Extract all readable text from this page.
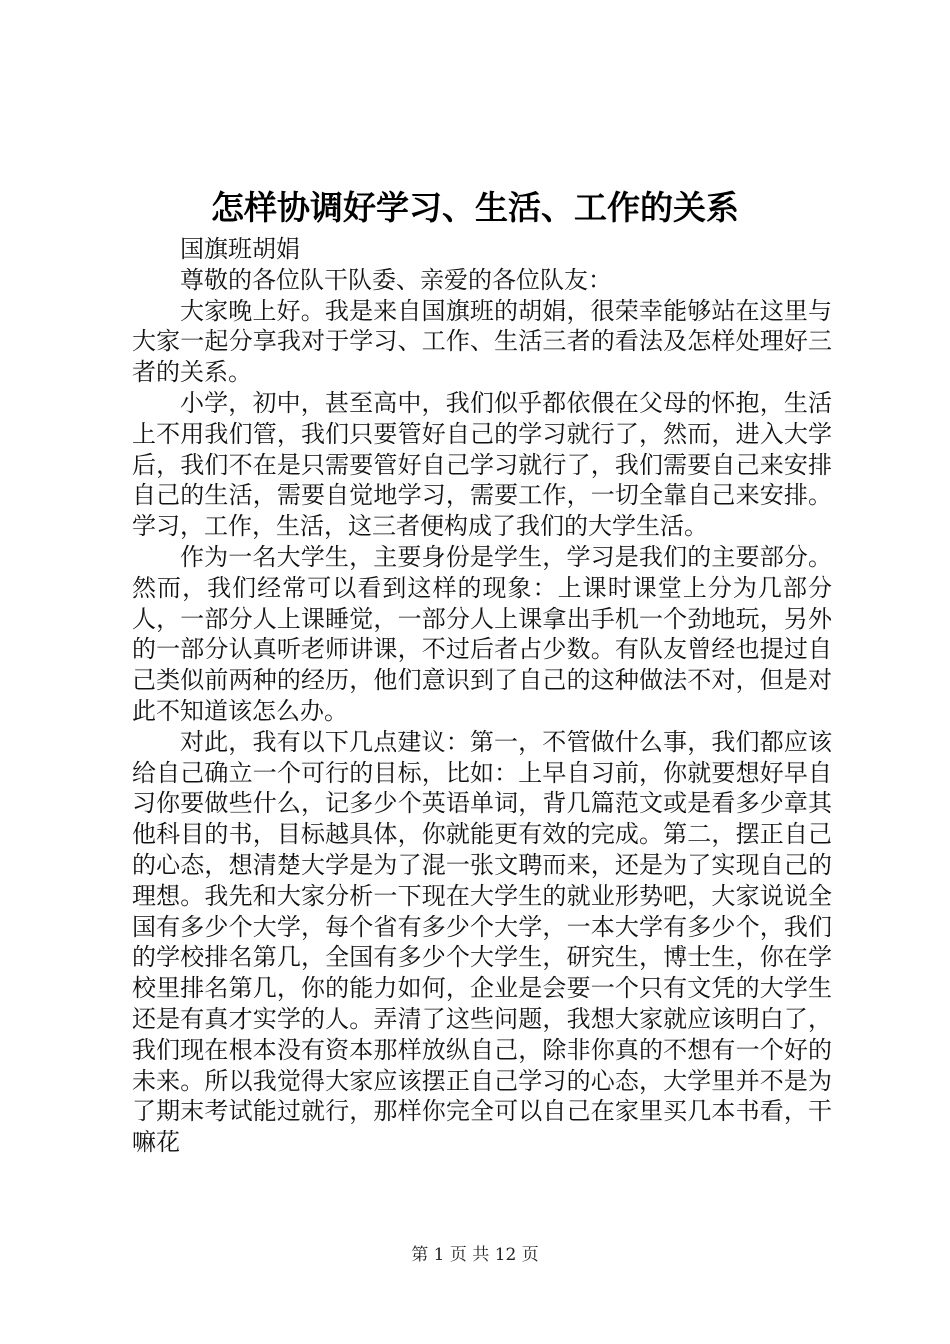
怎样协调好学习、生活、工作的关系

国旗班胡娟

尊敬的各位队干队委、亲爱的各位队友：

大家晚上好。我是来自国旗班的胡娟，很荣幸能够站在这里与大家一起分享我对于学习、工作、生活三者的看法及怎样处理好三者的关系。

小学，初中，甚至高中，我们似乎都依偎在父母的怀抱，生活上不用我们管，我们只要管好自己的学习就行了，然而，进入大学后，我们不在是只需要管好自己学习就行了，我们需要自己来安排自己的生活，需要自觉地学习，需要工作，一切全靠自己来安排。学习，工作，生活，这三者便构成了我们的大学生活。

作为一名大学生，主要身份是学生，学习是我们的主要部分。然而，我们经常可以看到这样的现象：上课时课堂上分为几部分人，一部分人上课睡觉，一部分人上课拿出手机一个劲地玩，另外的一部分认真听老师讲课，不过后者占少数。有队友曾经也提过自己类似前两种的经历，他们意识到了自己的这种做法不对，但是对此不知道该怎么办。

对此，我有以下几点建议：第一，不管做什么事，我们都应该给自己确立一个可行的目标，比如：上早自习前，你就要想好早自习你要做些什么，记多少个英语单词，背几篇范文或是看多少章其他科目的书，目标越具体，你就能更有效的完成。第二，摆正自己的心态，想清楚大学是为了混一张文聘而来，还是为了实现自己的理想。我先和大家分析一下现在大学生的就业形势吧，大家说说全国有多少个大学，每个省有多少个大学，一本大学有多少个，我们的学校排名第几，全国有多少个大学生，研究生，博士生，你在学校里排名第几，你的能力如何，企业是会要一个只有文凭的大学生还是有真才实学的人。弄清了这些问题，我想大家就应该明白了，我们现在根本没有资本那样放纵自己，除非你真的不想有一个好的未来。所以我觉得大家应该摆正自己学习的心态，大学里并不是为了期末考试能过就行，那样你完全可以自己在家里买几本书看，干嘛花

第 1 页 共 12 页
